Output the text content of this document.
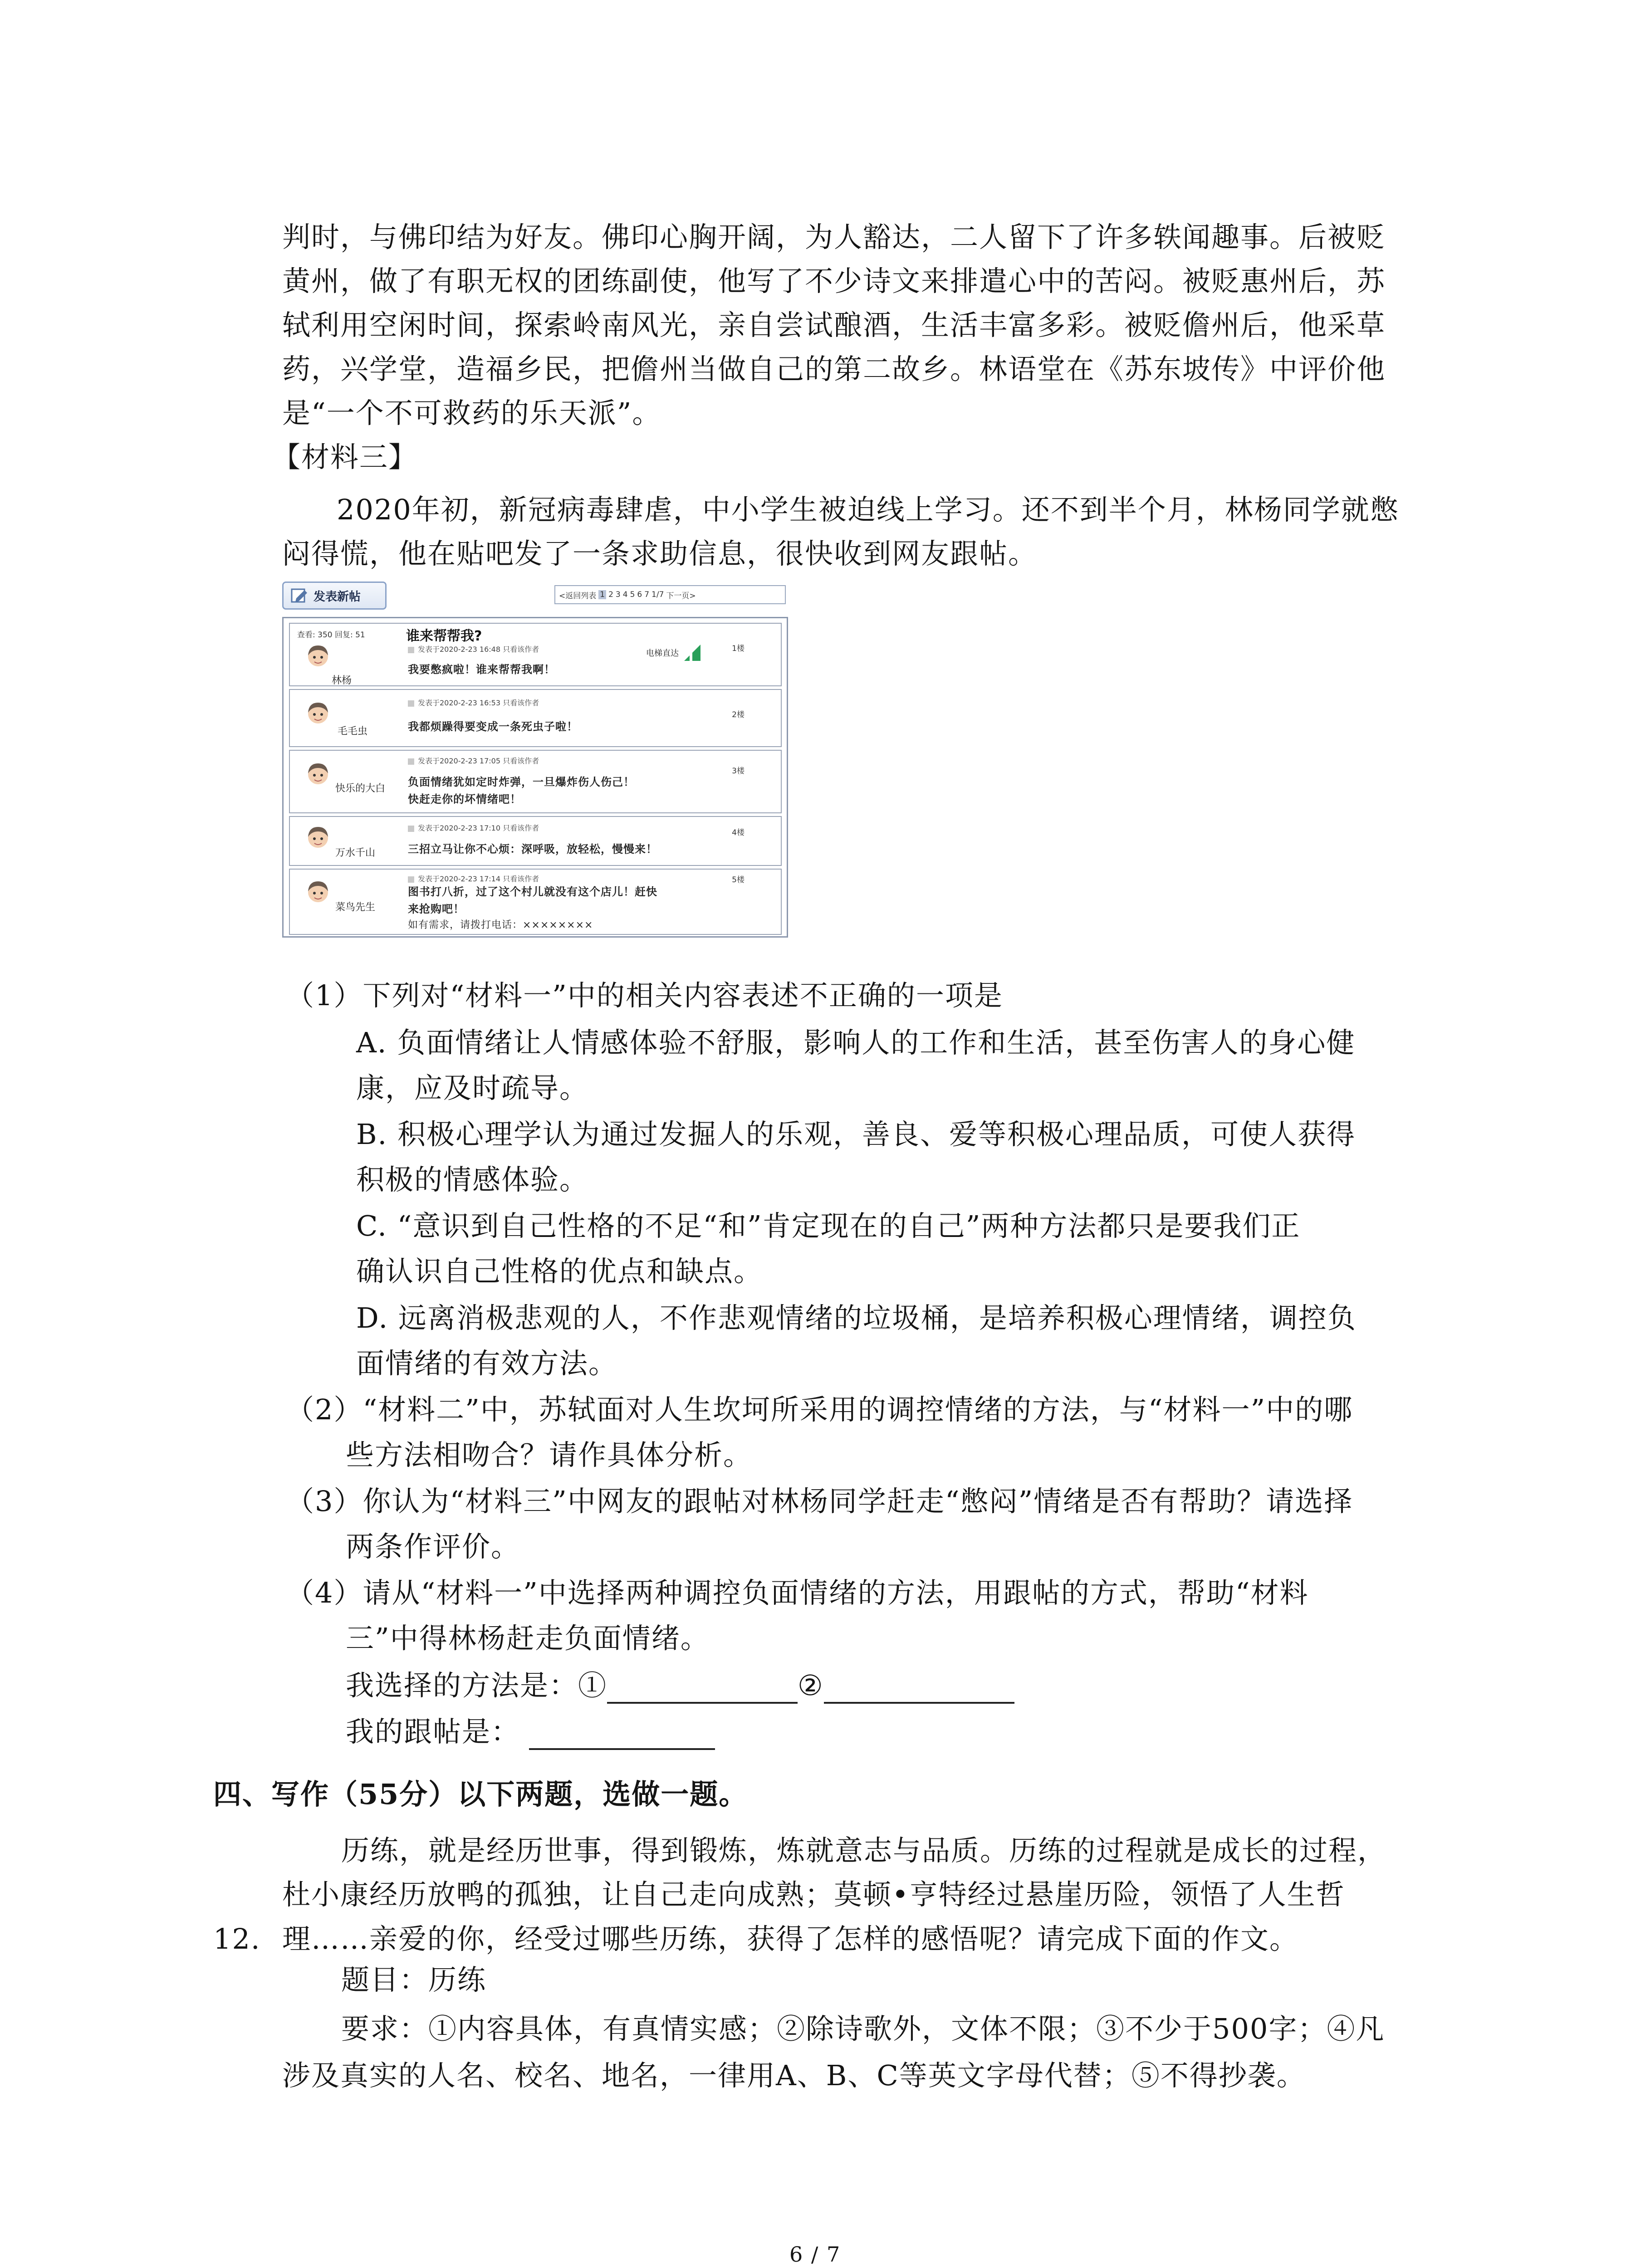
判时，与佛印结为好友。佛印心胸开阔，为人豁达，二人留下了许多轶闻趣事。后被贬
黄州，做了有职无权的团练副使，他写了不少诗文来排遣心中的苦闷。被贬惠州后，苏
轼利用空闲时间，探索岭南风光，亲自尝试酿酒，生活丰富多彩。被贬儋州后，他采草
药，兴学堂，造福乡民，把儋州当做自己的第二故乡。林语堂在《苏东坡传》中评价他
是“一个不可救药的乐天派”。
【材料三】
2020年初，新冠病毒肆虐，中小学生被迫线上学习。还不到半个月，林杨同学就憋
闷得慌，他在贴吧发了一条求助信息，很快收到网友跟帖。
发表新帖	<返回列表 1 2 3 4 5 6 7 1/7 下一页>
查看: 350 回复: 51	谁来帮帮我?
林杨
发表于2020-2-23 16:48 只看该作者	电梯直达	1楼
我要憋疯啦！谁来帮帮我啊！
毛毛虫
发表于2020-2-23 16:53 只看该作者
2楼
我都烦躁得要变成一条死虫子啦！
快乐的大白
发表于2020-2-23 17:05 只看该作者
3楼
负面情绪犹如定时炸弹，一旦爆炸伤人伤己！
快赶走你的坏情绪吧！
万水千山
发表于2020-2-23 17:10 只看该作者
4楼
三招立马让你不心烦：深呼吸，放轻松，慢慢来！
菜鸟先生
发表于2020-2-23 17:14 只看该作者	5楼
图书打八折，过了这个村儿就没有这个店儿！赶快
来抢购吧！
如有需求，请拨打电话：××××××××
（1）下列对“材料一”中的相关内容表述不正确的一项是
A. 负面情绪让人情感体验不舒服，影响人的工作和生活，甚至伤害人的身心健
康，应及时疏导。
B. 积极心理学认为通过发掘人的乐观，善良、爱等积极心理品质，可使人获得
积极的情感体验。
C. “意识到自己性格的不足“和”肯定现在的自己”两种方法都只是要我们正
确认识自己性格的优点和缺点。
D. 远离消极悲观的人，不作悲观情绪的垃圾桶，是培养积极心理情绪，调控负
面情绪的有效方法。
（2）“材料二”中，苏轼面对人生坎坷所采用的调控情绪的方法，与“材料一”中的哪
些方法相吻合？请作具体分析。
（3）你认为“材料三”中网友的跟帖对林杨同学赶走“憋闷”情绪是否有帮助？请选择
两条作评价。
（4）请从“材料一”中选择两种调控负面情绪的方法，用跟帖的方式，帮助“材料
三”中得林杨赶走负面情绪。
我选择的方法是：①	②
我的跟帖是：
四、写作（55分）以下两题，选做一题。
历练，就是经历世事，得到锻炼，炼就意志与品质。历练的过程就是成长的过程，
杜小康经历放鸭的孤独，让自己走向成熟；莫顿•亨特经过悬崖历险，领悟了人生哲
12. 理……亲爱的你，经受过哪些历练，获得了怎样的感悟呢？请完成下面的作文。
题目：历练
要求：①内容具体，有真情实感；②除诗歌外，文体不限；③不少于500字；④凡
涉及真实的人名、校名、地名，一律用A、B、C等英文字母代替；⑤不得抄袭。
6 / 7
